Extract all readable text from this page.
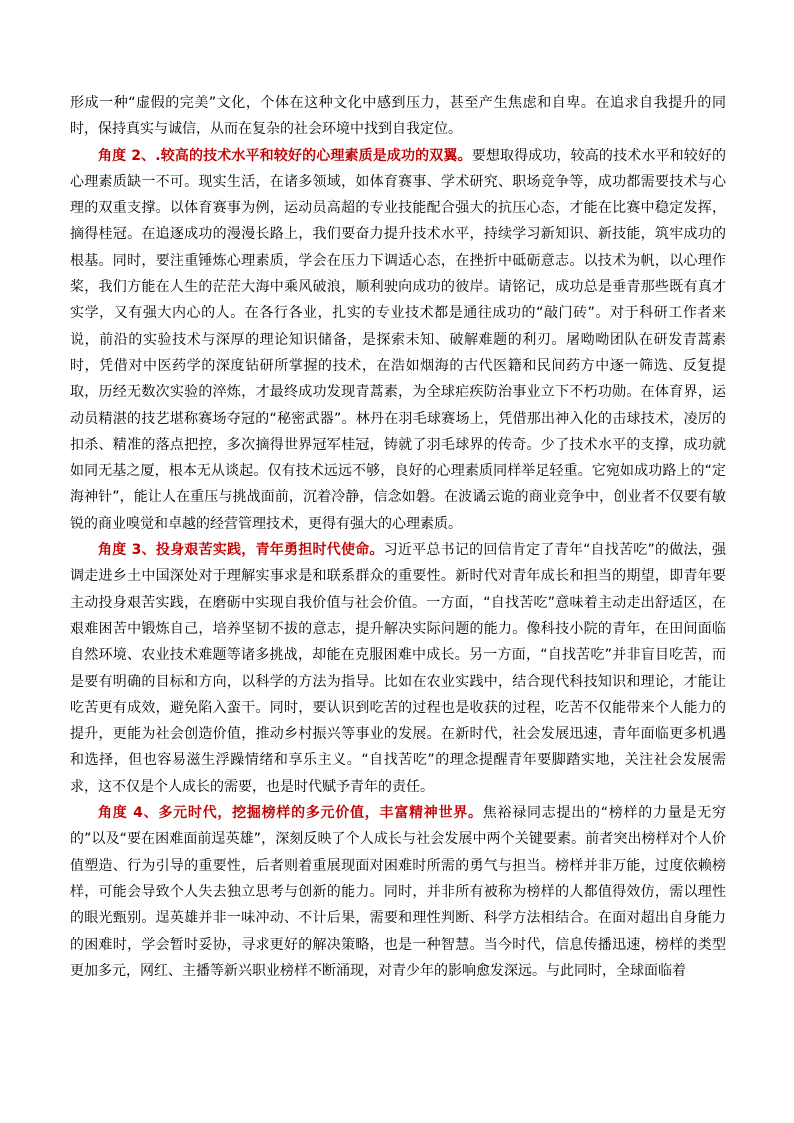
形成一种“虚假的完美”文化，个体在这种文化中感到压力，甚至产生焦虑和自卑。在追求自我提升的同时，保持真实与诚信，从而在复杂的社会环境中找到自我定位。

角度 2、.较高的技术水平和较好的心理素质是成功的双翼。要想取得成功，较高的技术水平和较好的心理素质缺一不可。现实生活，在诸多领域，如体育赛事、学术研究、职场竞争等，成功都需要技术与心理的双重支撑。以体育赛事为例，运动员高超的专业技能配合强大的抗压心态，才能在比赛中稳定发挥，摘得桂冠。在追逐成功的漫漫长路上，我们要奋力提升技术水平，持续学习新知识、新技能，筑牢成功的根基。同时，要注重锤炼心理素质，学会在压力下调适心态，在挫折中砥砺意志。以技术为帆，以心理作桨，我们方能在人生的茫茫大海中乘风破浪，顺利驶向成功的彼岸。请铭记，成功总是垂青那些既有真才实学，又有强大内心的人。在各行各业，扎实的专业技术都是通往成功的“敲门砖”。对于科研工作者来说，前沿的实验技术与深厚的理论知识储备，是探索未知、破解难题的利刃。屠呦呦团队在研发青蒿素时，凭借对中医药学的深度钻研所掌握的技术，在浩如烟海的古代医籍和民间药方中逐一筛选、反复提取，历经无数次实验的淬炼，才最终成功发现青蒿素，为全球疟疾防治事业立下不朽功勋。在体育界，运动员精湛的技艺堪称赛场夺冠的“秘密武器”。林丹在羽毛球赛场上，凭借那出神入化的击球技术，凌厉的扣杀、精准的落点把控，多次摘得世界冠军桂冠，铸就了羽毛球界的传奇。少了技术水平的支撑，成功就如同无基之厦，根本无从谈起。仅有技术远远不够，良好的心理素质同样举足轻重。它宛如成功路上的“定海神针”，能让人在重压与挑战面前，沉着冷静，信念如磐。在波谲云诡的商业竞争中，创业者不仅要有敏锐的商业嗅觉和卓越的经营管理技术，更得有强大的心理素质。

角度 3、投身艰苦实践，青年勇担时代使命。习近平总书记的回信肯定了青年“自找苦吃”的做法，强调走进乡土中国深处对于理解实事求是和联系群众的重要性。新时代对青年成长和担当的期望，即青年要主动投身艰苦实践，在磨砺中实现自我价值与社会价值。一方面，“自找苦吃”意味着主动走出舒适区，在艰难困苦中锻炼自己，培养坚韧不拔的意志，提升解决实际问题的能力。像科技小院的青年，在田间面临自然环境、农业技术难题等诸多挑战，却能在克服困难中成长。另一方面，“自找苦吃”并非盲目吃苦，而是要有明确的目标和方向，以科学的方法为指导。比如在农业实践中，结合现代科技知识和理论，才能让吃苦更有成效，避免陷入蛮干。同时，要认识到吃苦的过程也是收获的过程，吃苦不仅能带来个人能力的提升，更能为社会创造价值，推动乡村振兴等事业的发展。在新时代，社会发展迅速，青年面临更多机遇和选择，但也容易滋生浮躁情绪和享乐主义。“自找苦吃”的理念提醒青年要脚踏实地，关注社会发展需求，这不仅是个人成长的需要，也是时代赋予青年的责任。

角度 4、多元时代，挖掘榜样的多元价值，丰富精神世界。焦裕禄同志提出的“榜样的力量是无穷的”以及“要在困难面前逞英雄”，深刻反映了个人成长与社会发展中两个关键要素。前者突出榜样对个人价值塑造、行为引导的重要性，后者则着重展现面对困难时所需的勇气与担当。榜样并非万能，过度依赖榜样，可能会导致个人失去独立思考与创新的能力。同时，并非所有被称为榜样的人都值得效仿，需以理性的眼光甄别。逞英雄并非一味冲动、不计后果，需要和理性判断、科学方法相结合。在面对超出自身能力的困难时，学会暂时妥协，寻求更好的解决策略，也是一种智慧。当今时代，信息传播迅速，榜样的类型更加多元，网红、主播等新兴职业榜样不断涌现，对青少年的影响愈发深远。与此同时，全球面临着
